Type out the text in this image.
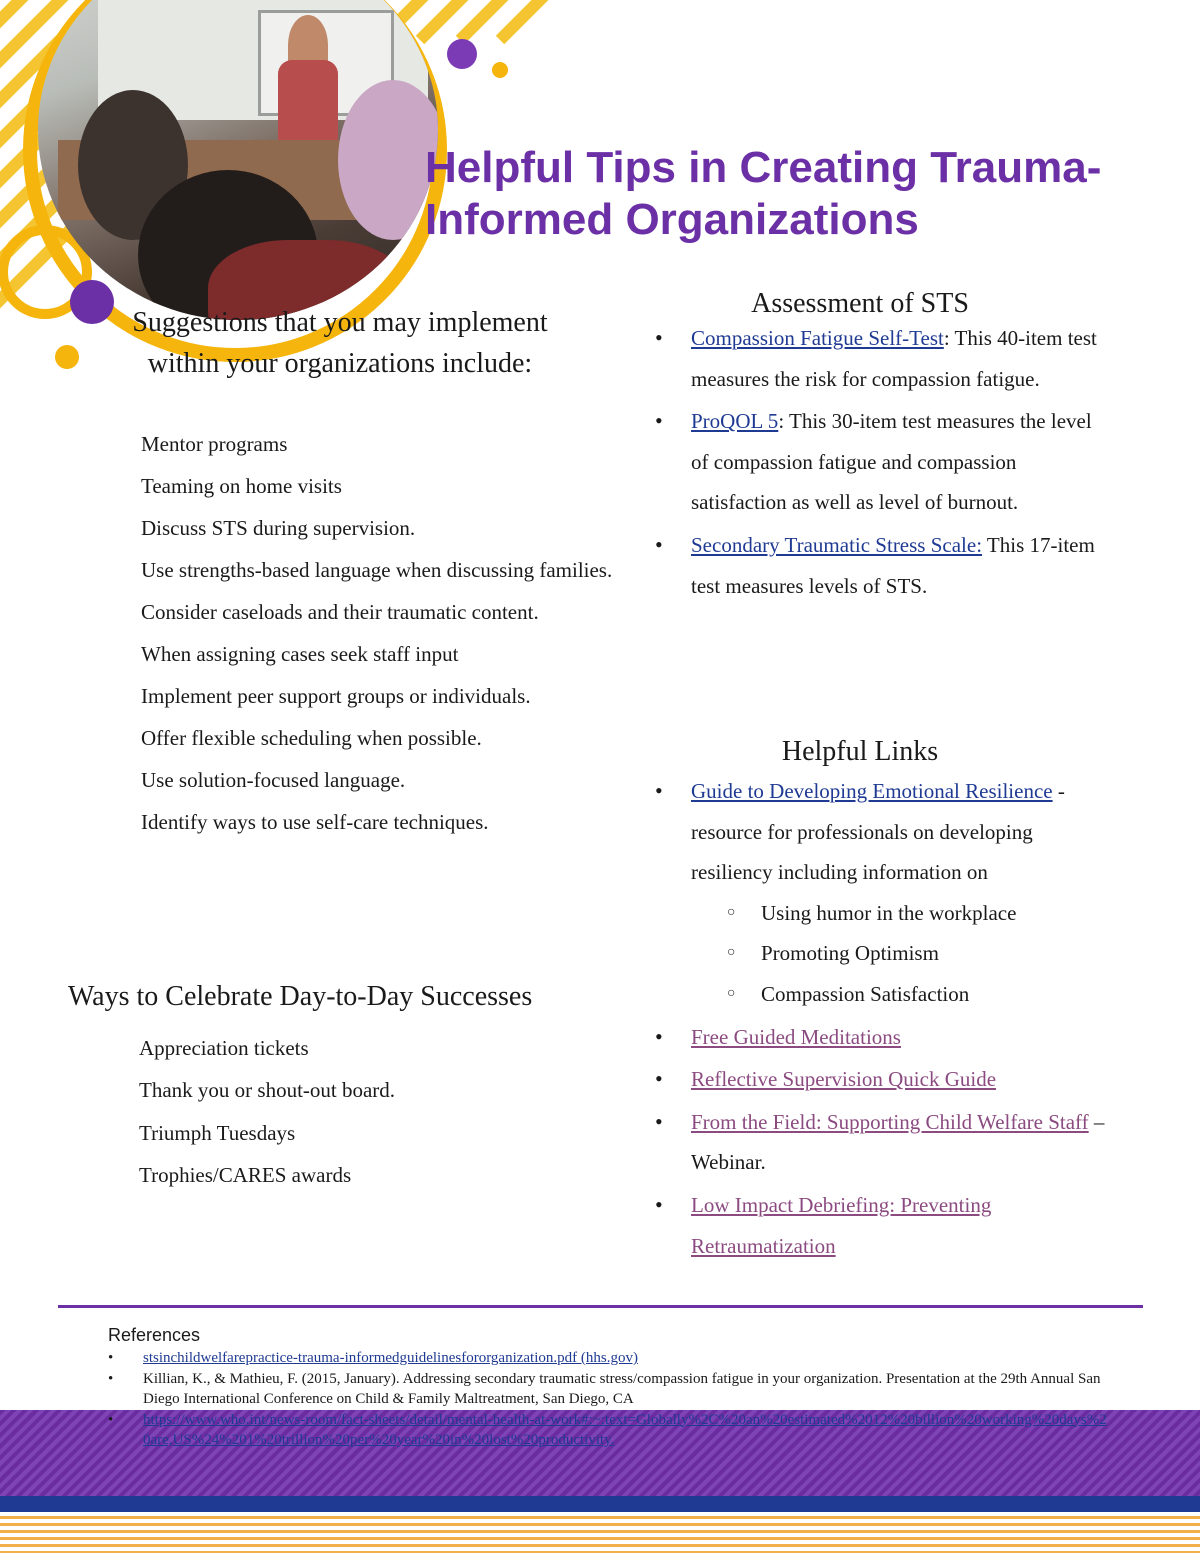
Helpful Tips in Creating Trauma-Informed Organizations
Suggestions that you may implement
within your organizations include:
Mentor programs
Teaming on home visits
Discuss STS during supervision.
Use strengths-based language when discussing families.
Consider caseloads and their traumatic content.
When assigning cases seek staff input
Implement peer support groups or individuals.
Offer flexible scheduling when possible.
Use solution-focused language.
Identify ways to use self-care techniques.
Ways to Celebrate Day-to-Day Successes
Appreciation tickets
Thank you or shout-out board.
Triumph Tuesdays
Trophies/CARES awards
Assessment of STS
• Compassion Fatigue Self-Test: This 40-item test measures the risk for compassion fatigue.
• ProQOL 5: This 30-item test measures the level of compassion fatigue and compassion satisfaction as well as level of burnout.
• Secondary Traumatic Stress Scale: This 17-item test measures levels of STS.
Helpful Links
• Guide to Developing Emotional Resilience - resource for professionals on developing resiliency including information on
○ Using humor in the workplace
○ Promoting Optimism
○ Compassion Satisfaction
• Free Guided Meditations
• Reflective Supervision Quick Guide
• From the Field: Supporting Child Welfare Staff – Webinar.
• Low Impact Debriefing: Preventing Retraumatization
References
• stsinchildwelfarepractice-trauma-informedguidelinesfororganization.pdf (hhs.gov)
• Killian, K., & Mathieu, F. (2015, January). Addressing secondary traumatic stress/compassion fatigue in your organization. Presentation at the 29th Annual San Diego International Conference on Child & Family Maltreatment, San Diego, CA
• https://www.who.int/news-room/fact-sheets/detail/mental-health-at-work#:~:text=Globally%2C%20an%20estimated%2012%20billion%20working%20days%20are,US%24%201%20trillion%20per%20year%20in%20lost%20productivity.
